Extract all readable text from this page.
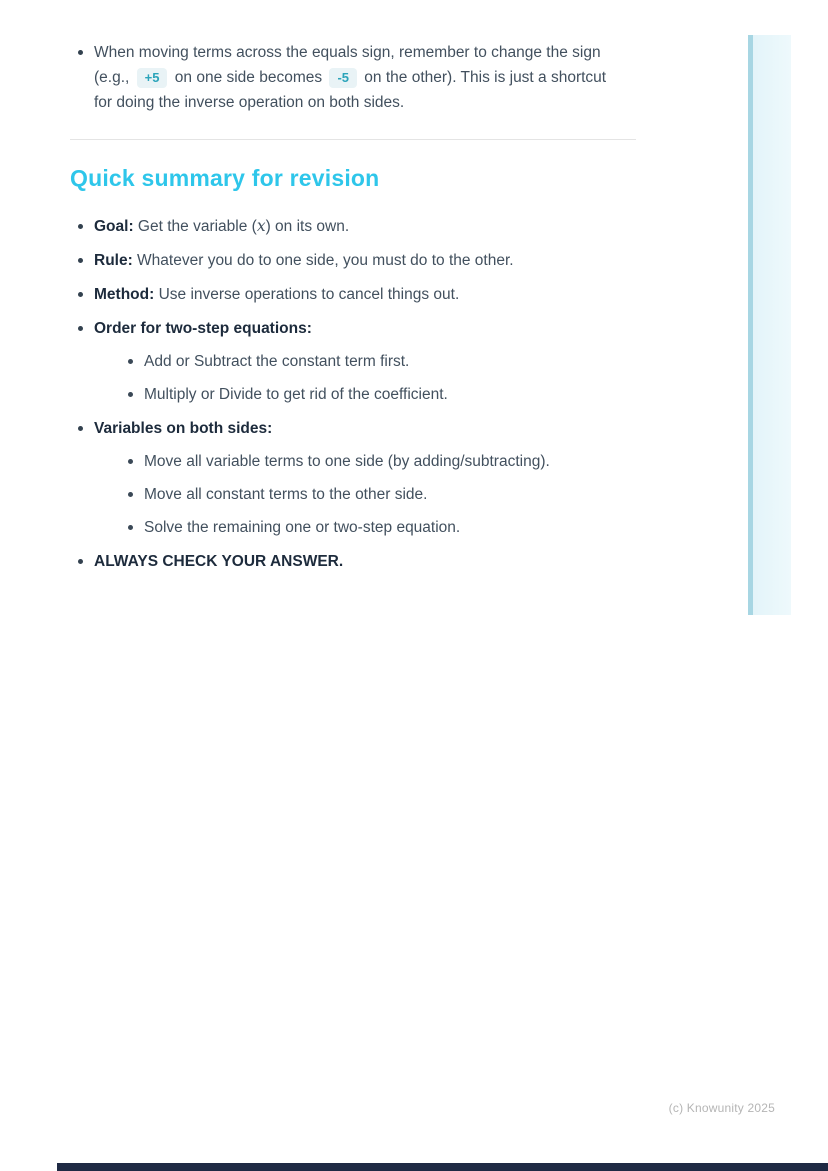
When moving terms across the equals sign, remember to change the sign (e.g., +5 on one side becomes -5 on the other). This is just a shortcut for doing the inverse operation on both sides.
Quick summary for revision
Goal: Get the variable (x) on its own.
Rule: Whatever you do to one side, you must do to the other.
Method: Use inverse operations to cancel things out.
Order for two-step equations:
Add or Subtract the constant term first.
Multiply or Divide to get rid of the coefficient.
Variables on both sides:
Move all variable terms to one side (by adding/subtracting).
Move all constant terms to the other side.
Solve the remaining one or two-step equation.
ALWAYS CHECK YOUR ANSWER.
(c) Knowunity 2025
